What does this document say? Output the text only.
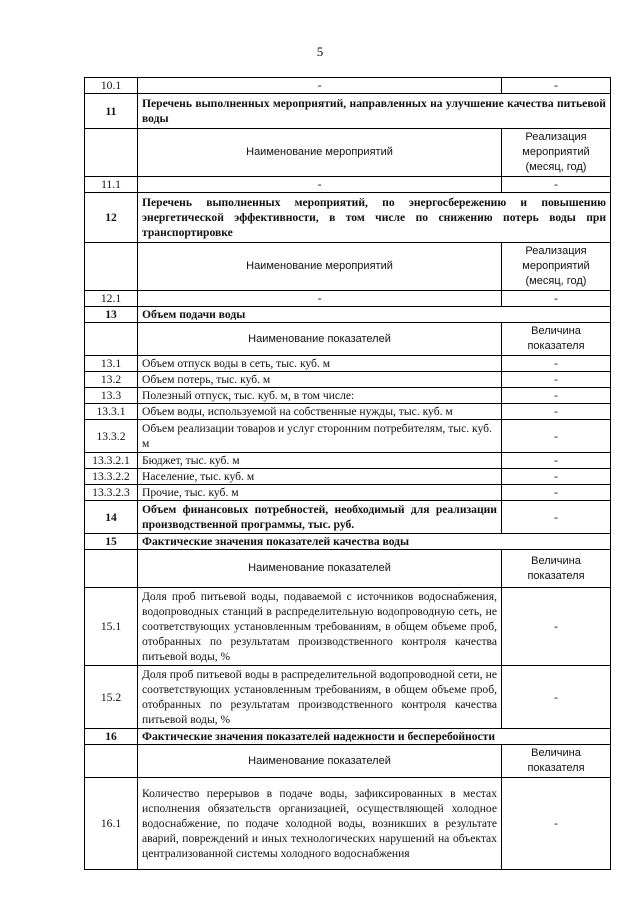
5
10.1	-	-
11	Перечень выполненных мероприятий, направленных на улучшение качества питьевой воды	
	Наименование мероприятий	Реализация мероприятий (месяц, год)
11.1	-	-
12	Перечень выполненных мероприятий, по энергосбережению и повышению энергетической эффективности, в том числе по снижению потерь воды при транспортировке	
	Наименование мероприятий	Реализация мероприятий (месяц, год)
12.1	-	-
13	Объем подачи воды	
	Наименование показателей	Величина показателя
13.1	Объем отпуск воды в сеть, тыс. куб. м	-
13.2	Объем потерь, тыс. куб. м	-
13.3	Полезный отпуск, тыс. куб. м, в том числе:	-
13.3.1	Объем воды, используемой на собственные нужды, тыс. куб. м	-
13.3.2	Объем реализации товаров и услуг сторонним потребителям, тыс. куб. м	-
13.3.2.1	Бюджет, тыс. куб. м	-
13.3.2.2	Население, тыс. куб. м	-
13.3.2.3	Прочие, тыс. куб. м	-
14	Объем финансовых потребностей, необходимый для реализации производственной программы, тыс. руб.	-
15	Фактические значения показателей качества воды	
	Наименование показателей	Величина показателя
15.1	Доля проб питьевой воды, подаваемой с источников водоснабжения, водопроводных станций в распределительную водопроводную сеть, не соответствующих установленным требованиям, в общем объеме проб, отобранных по результатам производственного контроля качества питьевой воды, %	-
15.2	Доля проб питьевой воды в распределительной водопроводной сети, не соответствующих установленным требованиям, в общем объеме проб, отобранных по результатам производственного контроля качества питьевой воды, %	-
16	Фактические значения показателей надежности и бесперебойности	
	Наименование показателей	Величина показателя
16.1	Количество перерывов в подаче воды, зафиксированных в местах исполнения обязательств организацией, осуществляющей холодное водоснабжение, по подаче холодной воды, возникших в результате аварий, повреждений и иных технологических нарушений на объектах централизованной системы холодного водоснабжения	-
